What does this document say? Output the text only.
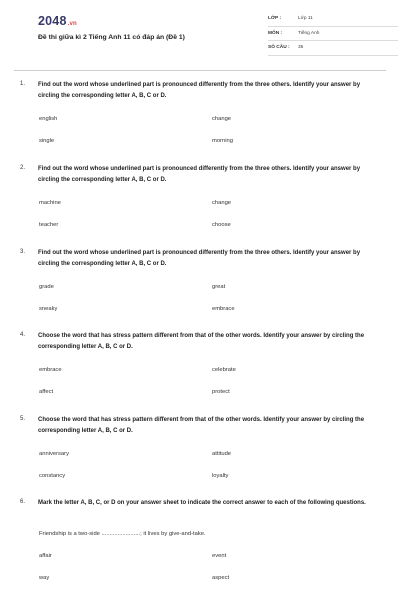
2048.vn
Đề thi giữa kì 2 Tiếng Anh 11 có đáp án (Đề 1)
LỚP :	Lớp 11
MÔN :	Tiếng Anh
SỐ CÂU :	35
1.	Find out the word whose underlined part is pronounced differently from the three others. Identify your answer by circling the corresponding letter A, B, C or D.
english	change
single	morning
2.	Find out the word whose underlined part is pronounced differently from the three others. Identify your answer by circling the corresponding letter A, B, C or D.
machine	change
teacher	choose
3.	Find out the word whose underlined part is pronounced differently from the three others. Identify your answer by circling the corresponding letter A, B, C or D.
grade	great
sneaky	embrace
4.	Choose the word that has stress pattern different from that of the other words. Identify your answer by circling the corresponding letter A, B, C or D.
embrace	celebrate
affect	protect
5.	Choose the word that has stress pattern different from that of the other words. Identify your answer by circling the corresponding letter A, B, C or D.
anniversary	attitude
constancy	loyalty
6.	Mark the letter A, B, C, or D on your answer sheet to indicate the correct answer to each of the following questions.
Friendship is a two-side ........................; it lives by give-and-take.
affair	event
way	aspect
